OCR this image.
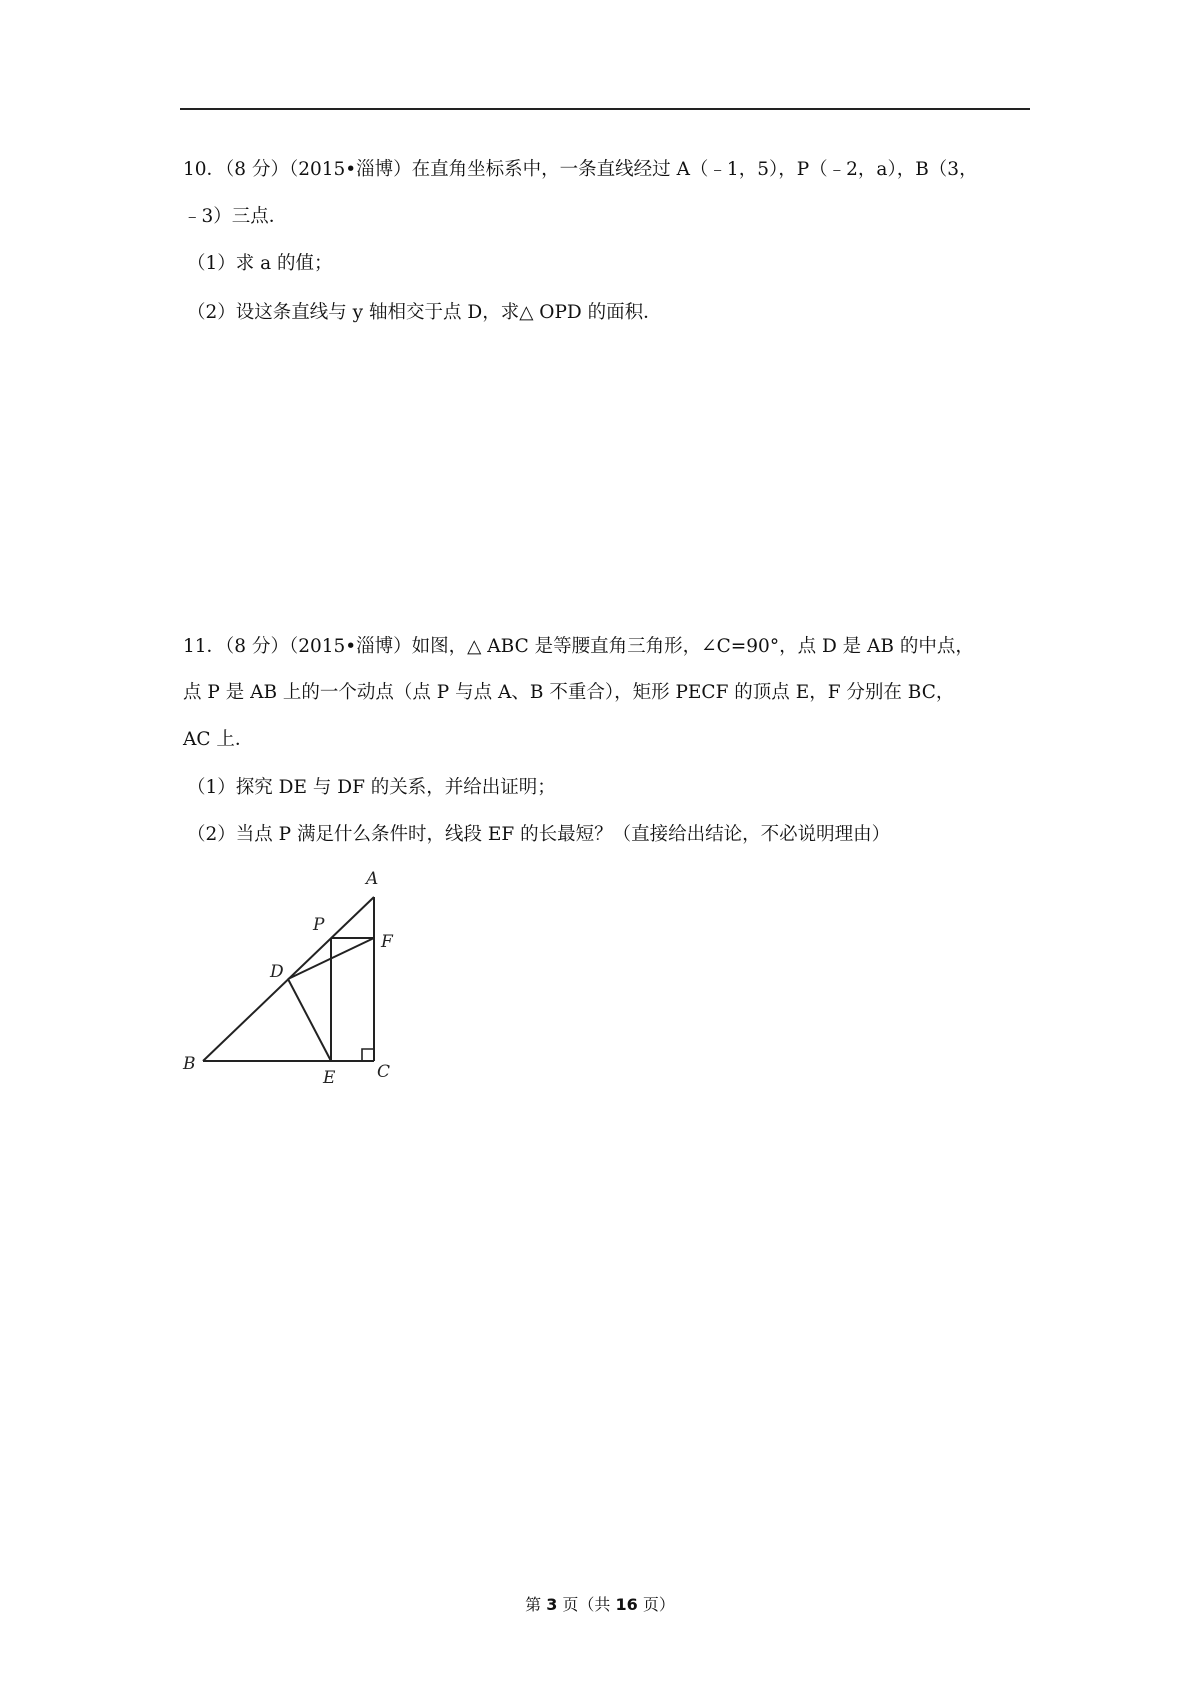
10．（8 分）（2015•淄博）在直角坐标系中，一条直线经过 A（﹣1，5），P（﹣2，a），B（3，
﹣3）三点．
（1）求 a 的值；
（2）设这条直线与 y 轴相交于点 D，求△ OPD 的面积．
11．（8 分）（2015•淄博）如图，△ ABC 是等腰直角三角形，∠C=90°，点 D 是 AB 的中点，
点 P 是 AB 上的一个动点（点 P 与点 A、B 不重合），矩形 PECF 的顶点 E，F 分别在 BC，
AC 上．
（1）探究 DE 与 DF 的关系，并给出证明；
（2）当点 P 满足什么条件时，线段 EF 的长最短？（直接给出结论，不必说明理由）
A
P
F
D
B
E C
第 3 页（共 16 页）
